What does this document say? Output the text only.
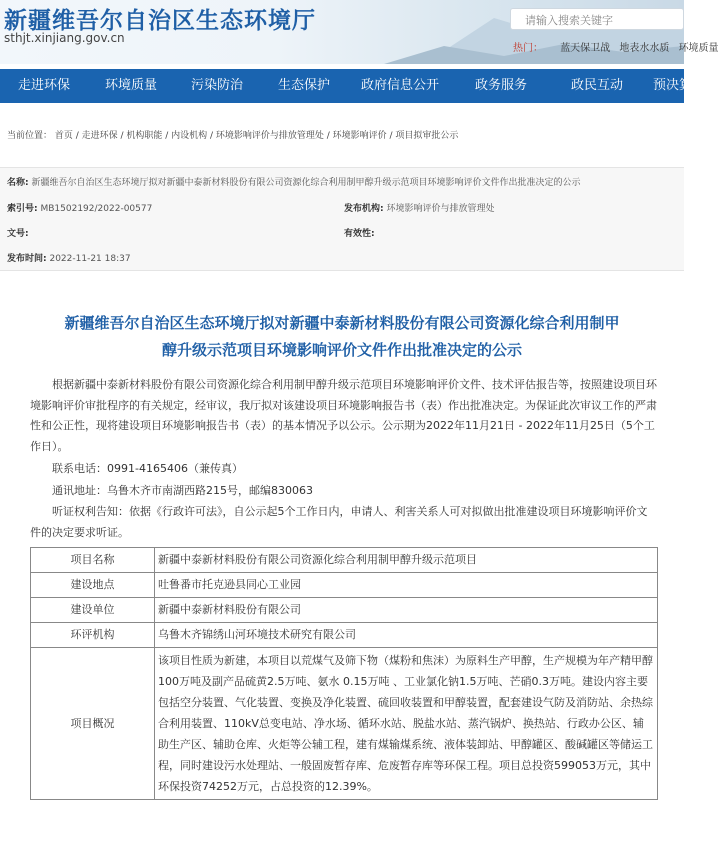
新疆维吾尔自治区生态环境厅
sthjt.xinjiang.gov.cn
请输入搜索关键字
热门： 蓝天保卫战 地表水水质 环境质量
走进环保	环境质量	污染防治	生态保护	政府信息公开	政务服务	政民互动	预决算
当前位置： 首页 / 走进环保 / 机构职能 / 内设机构 / 环境影响评价与排放管理处 / 环境影响评价 / 项目拟审批公示
名称: 新疆维吾尔自治区生态环境厅拟对新疆中泰新材料股份有限公司资源化综合利用制甲醇升级示范项目环境影响评价文件作出批准决定的公示
索引号: MB1502192/2022-00577	发布机构: 环境影响评价与排放管理处
文号:	有效性:
发布时间: 2022-11-21 18:37
新疆维吾尔自治区生态环境厅拟对新疆中泰新材料股份有限公司资源化综合利用制甲
醇升级示范项目环境影响评价文件作出批准决定的公示

根据新疆中泰新材料股份有限公司资源化综合利用制甲醇升级示范项目环境影响评价文件、技术评估报告等，按照建设项目环境影响评价审批程序的有关规定，经审议，我厅拟对该建设项目环境影响报告书（表）作出批准决定。为保证此次审议工作的严肃性和公正性，现将建设项目环境影响报告书（表）的基本情况予以公示。公示期为2022年11月21日 - 2022年11月25日（5个工作日）。

联系电话：0991-4165406（兼传真）

通讯地址：乌鲁木齐市南湖西路215号，邮编830063

听证权利告知：依据《行政许可法》，自公示起5个工作日内，申请人、利害关系人可对拟做出批准建设项目环境影响评价文件的决定要求听证。

项目名称	新疆中泰新材料股份有限公司资源化综合利用制甲醇升级示范项目
建设地点	吐鲁番市托克逊县同心工业园
建设单位	新疆中泰新材料股份有限公司
环评机构	乌鲁木齐锦绣山河环境技术研究有限公司
项目概况	该项目性质为新建，本项目以荒煤气及筛下物（煤粉和焦沫）为原料生产甲醇，生产规模为年产精甲醇100万吨及副产品硫黄2.5万吨、氨水 0.15万吨 、工业氯化钠1.5万吨、芒硝0.3万吨。建设内容主要包括空分装置、气化装置、变换及净化装置、硫回收装置和甲醇装置，配套建设气防及消防站、余热综合利用装置、110kV总变电站、净水场、循环水站、脱盐水站、蒸汽锅炉、换热站、行政办公区、辅助生产区、辅助仓库、火炬等公辅工程，建有煤输煤系统、液体装卸站、甲醇罐区、酸碱罐区等储运工程，同时建设污水处理站、一般固废暂存库、危废暂存库等环保工程。项目总投资599053万元，其中环保投资74252万元，占总投资的12.39%。
